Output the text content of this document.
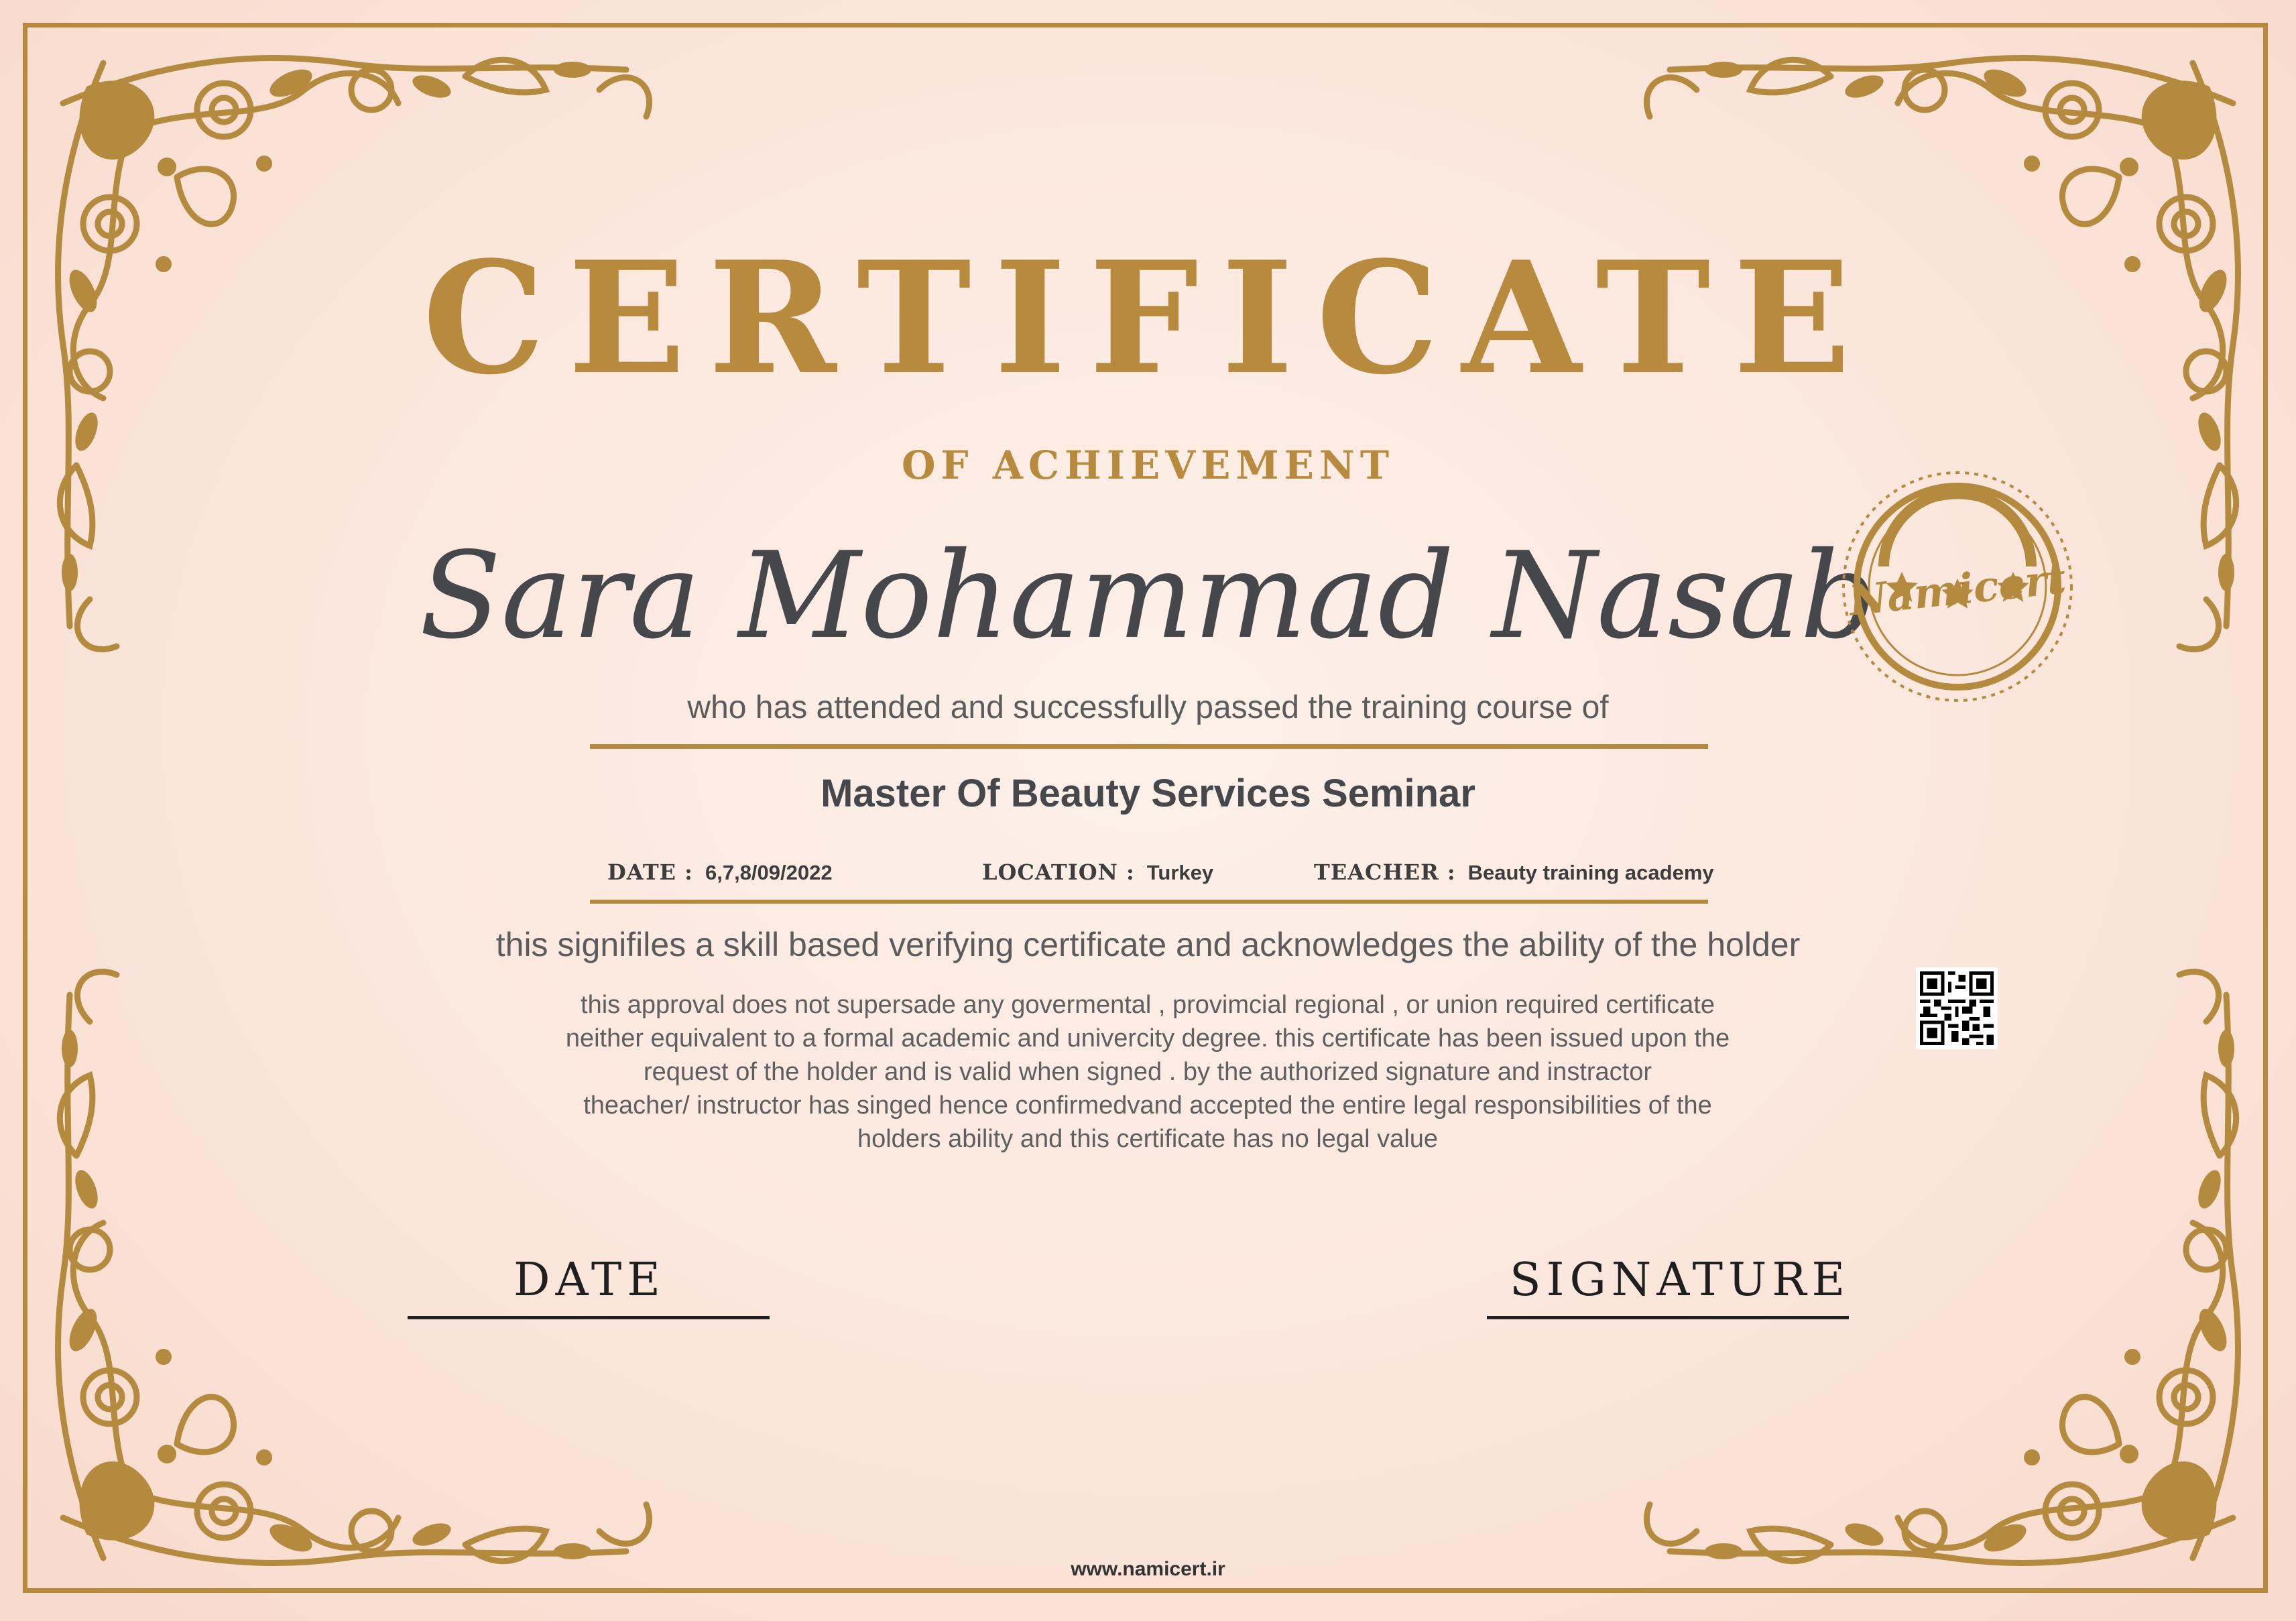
CERTIFICATE
OF ACHIEVEMENT
Sara Mohammad Nasab
who has attended and successfully passed the training course of
Master Of Beauty Services Seminar
DATE : 6,7,8/09/2022	LOCATION : Turkey	TEACHER : Beauty training academy
this signifiles a skill based verifying certificate and acknowledges the ability of the holder
this approval does not supersade any govermental , provimcial regional , or union required certificate
neither equivalent to a formal academic and univercity degree. this certificate has been issued upon the
request of the holder and is valid when signed . by the authorized signature and instractor
theacher/ instructor has singed hence confirmedvand accepted the entire legal responsibilities of the
holders ability and this certificate has no legal value
DATE	SIGNATURE
www.namicert.ir
Namicert
